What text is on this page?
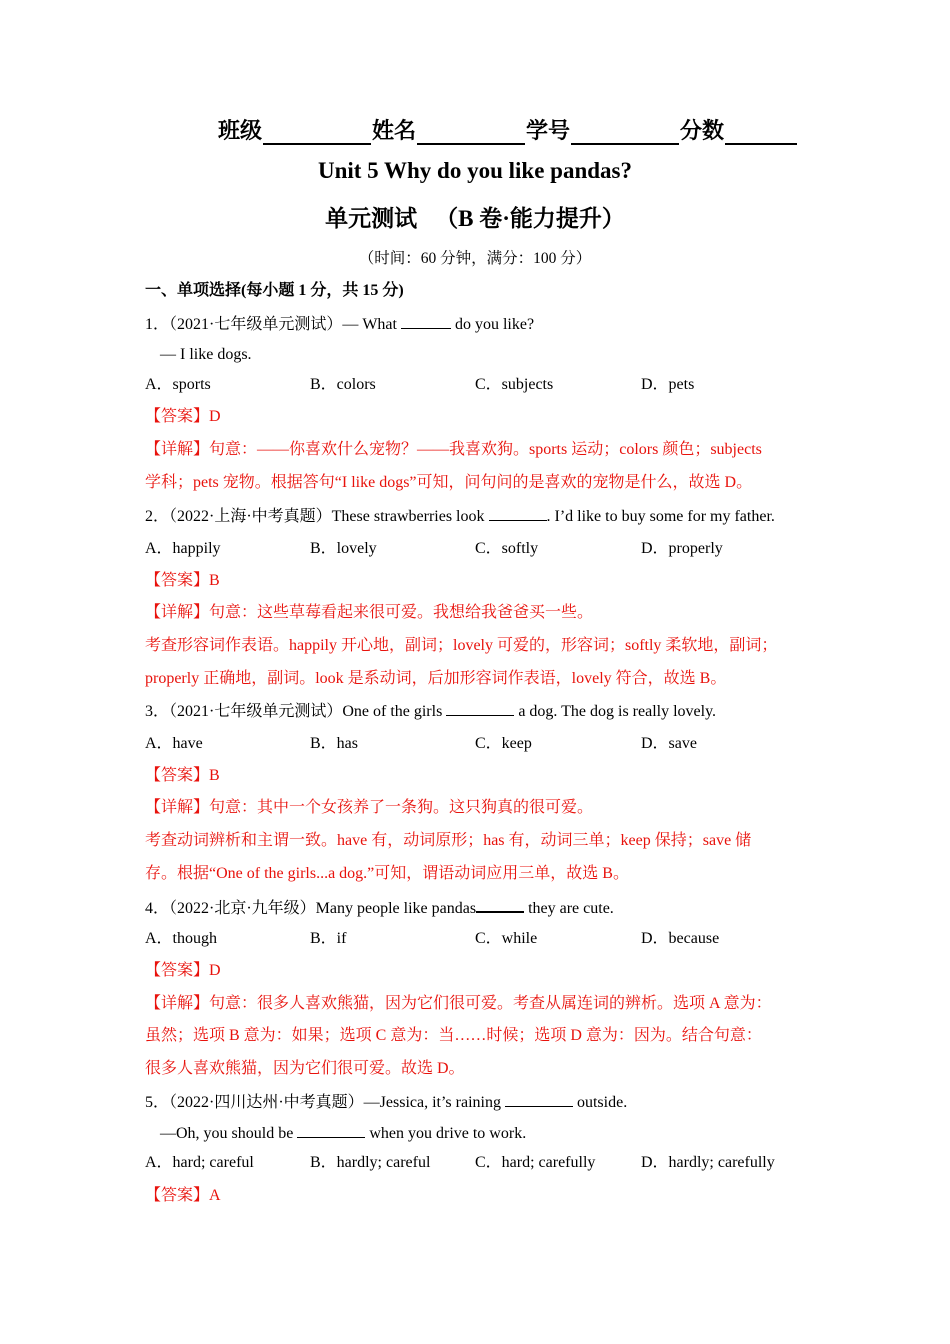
班级	姓名	学号	分数
Unit 5 Why do you like pandas?
单元测试 （B 卷·能力提升）
（时间：60 分钟，满分：100 分）
一、单项选择(每小题 1 分，共 15 分)
1．（2021·七年级单元测试）— What	do you like?
— I like dogs.
A．sports	B．colors	C．subjects	D．pets
【答案】D
【详解】句意：——你喜欢什么宠物？——我喜欢狗。sports 运动；colors 颜色；subjects
学科；pets 宠物。根据答句“I like dogs”可知，问句问的是喜欢的宠物是什么，故选 D。
2．（2022·上海·中考真题）These strawberries look	. I’d like to buy some for my father.
A．happily	B．lovely	C．softly	D．properly
【答案】B
【详解】句意：这些草莓看起来很可爱。我想给我爸爸买一些。
考查形容词作表语。happily 开心地，副词；lovely 可爱的，形容词；softly 柔软地，副词；
properly 正确地，副词。look 是系动词，后加形容词作表语，lovely 符合，故选 B。
3．（2021·七年级单元测试）One of the girls	a dog. The dog is really lovely.
A．have	B．has	C．keep	D．save
【答案】B
【详解】句意：其中一个女孩养了一条狗。这只狗真的很可爱。
考查动词辨析和主谓一致。have 有，动词原形；has 有，动词三单；keep 保持；save 储
存。根据“One of the girls...a dog.”可知，谓语动词应用三单，故选 B。
4．（2022·北京·九年级）Many people like pandas	they are cute.
A．though	B．if	C．while	D．because
【答案】D
【详解】句意：很多人喜欢熊猫，因为它们很可爱。考查从属连词的辨析。选项 A 意为：
虽然；选项 B 意为：如果；选项 C 意为：当……时候；选项 D 意为：因为。结合句意：
很多人喜欢熊猫，因为它们很可爱。故选 D。
5．（2022·四川达州·中考真题）—Jessica, it’s raining	outside.
—Oh, you should be	when you drive to work.
A．hard; careful	B．hardly; careful	C．hard; carefully	D．hardly; carefully
【答案】A
